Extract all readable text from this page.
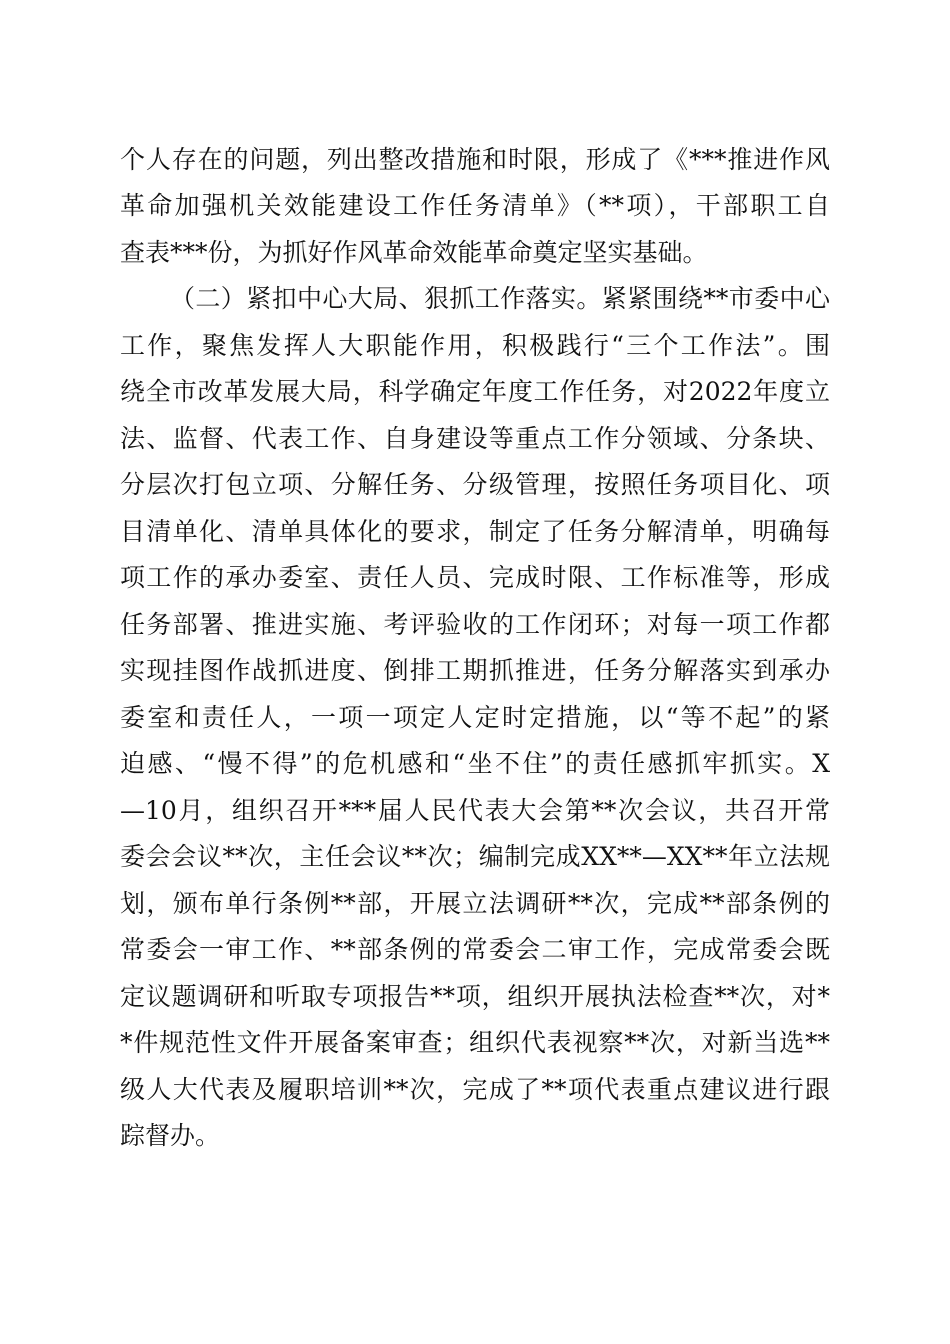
个人存在的问题，列出整改措施和时限，形成了《***推进作风
革命加强机关效能建设工作任务清单》（**项），干部职工自
查表***份，为抓好作风革命效能革命奠定坚实基础。
（二）紧扣中心大局、狠抓工作落实。紧紧围绕**市委中心
工作，聚焦发挥人大职能作用，积极践行“三个工作法”。围
绕全市改革发展大局，科学确定年度工作任务，对2022年度立
法、监督、代表工作、自身建设等重点工作分领域、分条块、
分层次打包立项、分解任务、分级管理，按照任务项目化、项
目清单化、清单具体化的要求，制定了任务分解清单，明确每
项工作的承办委室、责任人员、完成时限、工作标准等，形成
任务部署、推进实施、考评验收的工作闭环；对每一项工作都
实现挂图作战抓进度、倒排工期抓推进，任务分解落实到承办
委室和责任人，一项一项定人定时定措施，以“等不起”的紧
迫感、“慢不得”的危机感和“坐不住”的责任感抓牢抓实。X
—10月，组织召开***届人民代表大会第**次会议，共召开常
委会会议**次，主任会议**次；编制完成XX**—XX**年立法规
划，颁布单行条例**部，开展立法调研**次，完成**部条例的
常委会一审工作、**部条例的常委会二审工作，完成常委会既
定议题调研和听取专项报告**项，组织开展执法检查**次，对*
*件规范性文件开展备案审查；组织代表视察**次，对新当选**
级人大代表及履职培训**次，完成了**项代表重点建议进行跟
踪督办。
